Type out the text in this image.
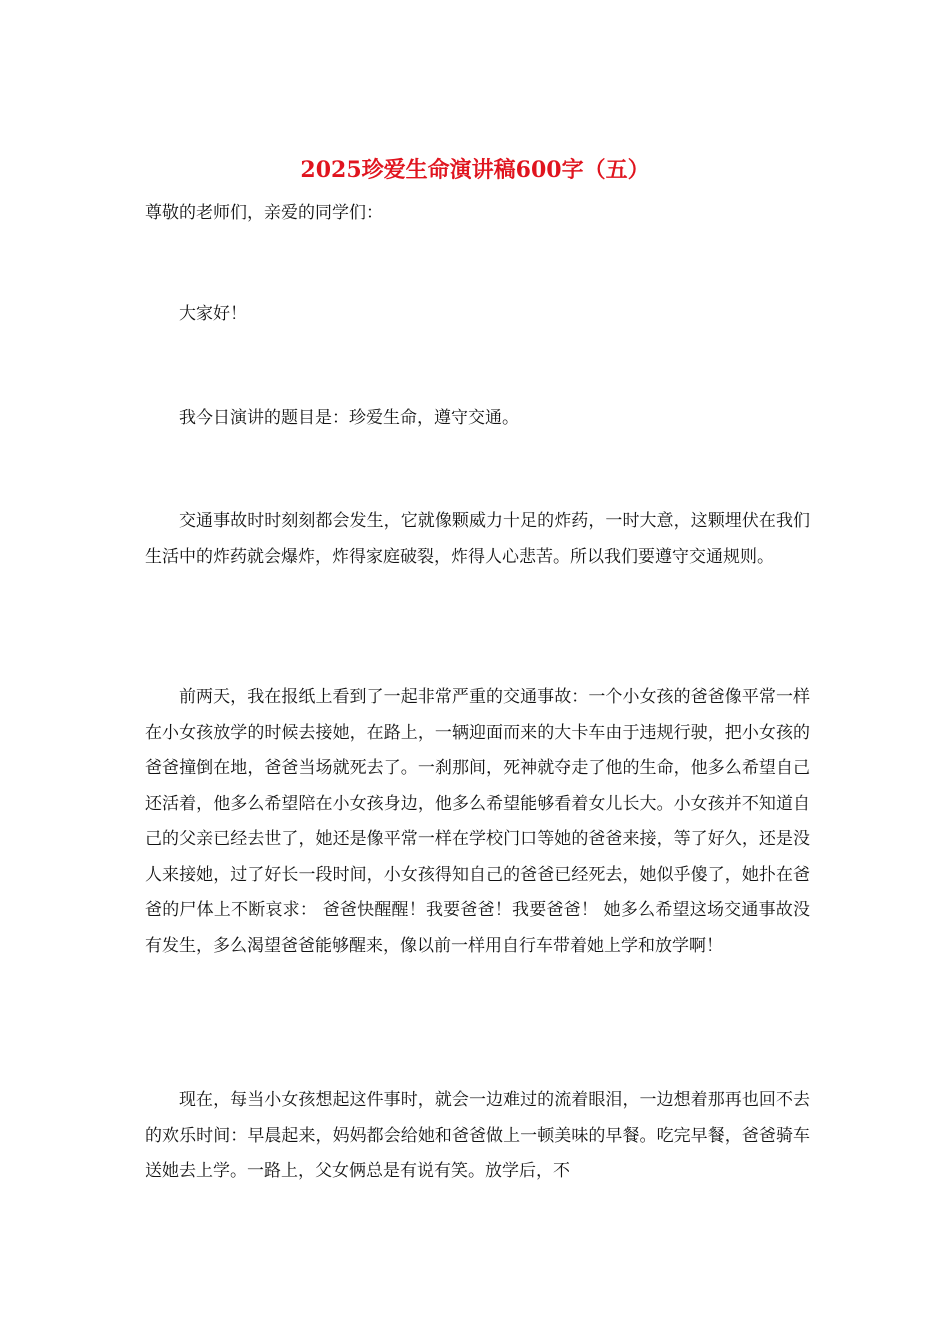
2025珍爱生命演讲稿600字（五）

尊敬的老师们，亲爱的同学们：

大家好！

我今日演讲的题目是：珍爱生命，遵守交通。

交通事故时时刻刻都会发生，它就像颗威力十足的炸药，一时大意，这颗埋伏在我们生活中的炸药就会爆炸，炸得家庭破裂，炸得人心悲苦。所以我们要遵守交通规则。

前两天，我在报纸上看到了一起非常严重的交通事故：一个小女孩的爸爸像平常一样在小女孩放学的时候去接她，在路上，一辆迎面而来的大卡车由于违规行驶，把小女孩的爸爸撞倒在地，爸爸当场就死去了。一刹那间，死神就夺走了他的生命，他多么希望自己还活着，他多么希望陪在小女孩身边，他多么希望能够看着女儿长大。小女孩并不知道自己的父亲已经去世了，她还是像平常一样在学校门口等她的爸爸来接，等了好久，还是没人来接她，过了好长一段时间，小女孩得知自己的爸爸已经死去，她似乎傻了，她扑在爸爸的尸体上不断哀求： 爸爸快醒醒！我要爸爸！我要爸爸！ 她多么希望这场交通事故没有发生，多么渴望爸爸能够醒来，像以前一样用自行车带着她上学和放学啊！

现在，每当小女孩想起这件事时，就会一边难过的流着眼泪，一边想着那再也回不去的欢乐时间：早晨起来，妈妈都会给她和爸爸做上一顿美味的早餐。吃完早餐，爸爸骑车送她去上学。一路上，父女俩总是有说有笑。放学后，不
